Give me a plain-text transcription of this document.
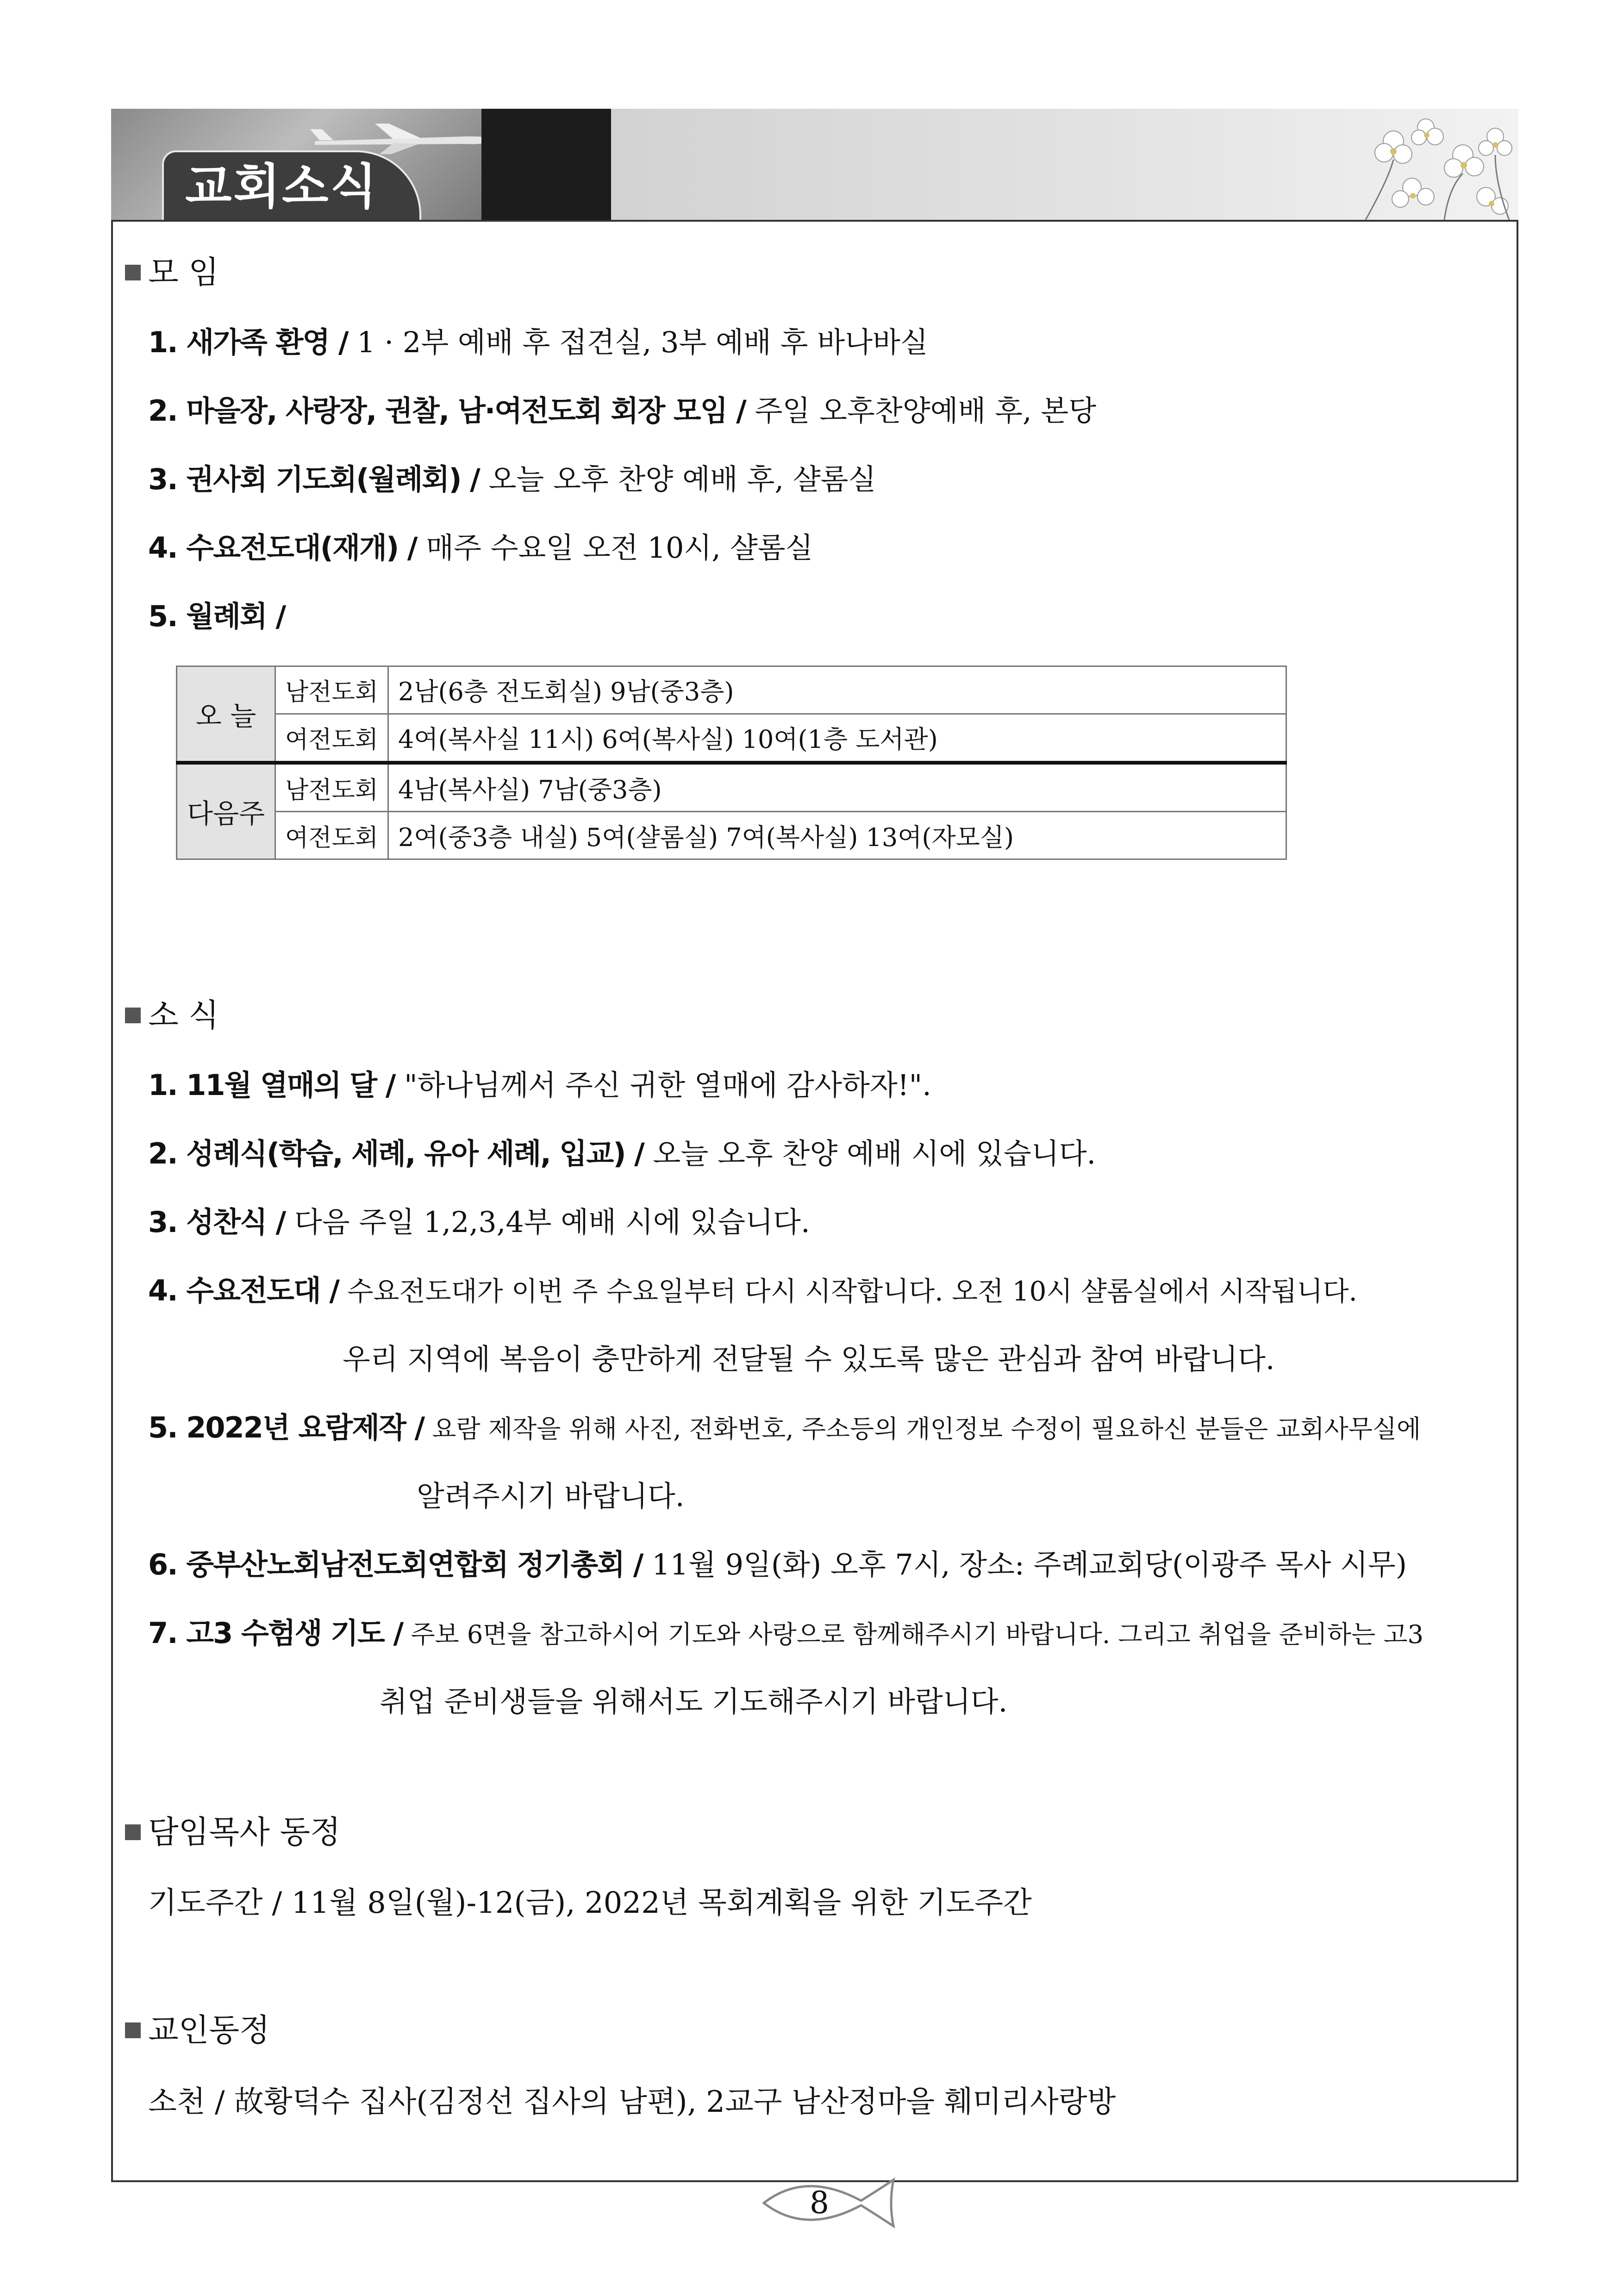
교회소식
모 임
1. 새가족 환영 / 1 · 2부 예배 후 접견실, 3부 예배 후 바나바실
2. 마을장, 사랑장, 권찰, 남·여전도회 회장 모임 / 주일 오후찬양예배 후, 본당
3. 권사회 기도회(월례회) / 오늘 오후 찬양 예배 후, 샬롬실
4. 수요전도대(재개) / 매주 수요일 오전 10시, 샬롬실
5. 월례회 /
오 늘	남전도회	2남(6층 전도회실) 9남(중3층)
	여전도회	4여(복사실 11시) 6여(복사실) 10여(1층 도서관)
다음주	남전도회	4남(복사실) 7남(중3층)
	여전도회	2여(중3층 내실) 5여(샬롬실) 7여(복사실) 13여(자모실)
소 식
1. 11월 열매의 달 / "하나님께서 주신 귀한 열매에 감사하자!".
2. 성례식(학습, 세례, 유아 세례, 입교) / 오늘 오후 찬양 예배 시에 있습니다.
3. 성찬식 / 다음 주일 1,2,3,4부 예배 시에 있습니다.
4. 수요전도대 / 수요전도대가 이번 주 수요일부터 다시 시작합니다. 오전 10시 샬롬실에서 시작됩니다.
우리 지역에 복음이 충만하게 전달될 수 있도록 많은 관심과 참여 바랍니다.
5. 2022년 요람제작 / 요람 제작을 위해 사진, 전화번호, 주소등의 개인정보 수정이 필요하신 분들은 교회사무실에
알려주시기 바랍니다.
6. 중부산노회남전도회연합회 정기총회 / 11월 9일(화) 오후 7시, 장소: 주례교회당(이광주 목사 시무)
7. 고3 수험생 기도 / 주보 6면을 참고하시어 기도와 사랑으로 함께해주시기 바랍니다. 그리고 취업을 준비하는 고3
취업 준비생들을 위해서도 기도해주시기 바랍니다.
담임목사 동정
기도주간 / 11월 8일(월)-12(금), 2022년 목회계획을 위한 기도주간
교인동정
소천 / 故황덕수 집사(김정선 집사의 남편), 2교구 남산정마을 훼미리사랑방
8
